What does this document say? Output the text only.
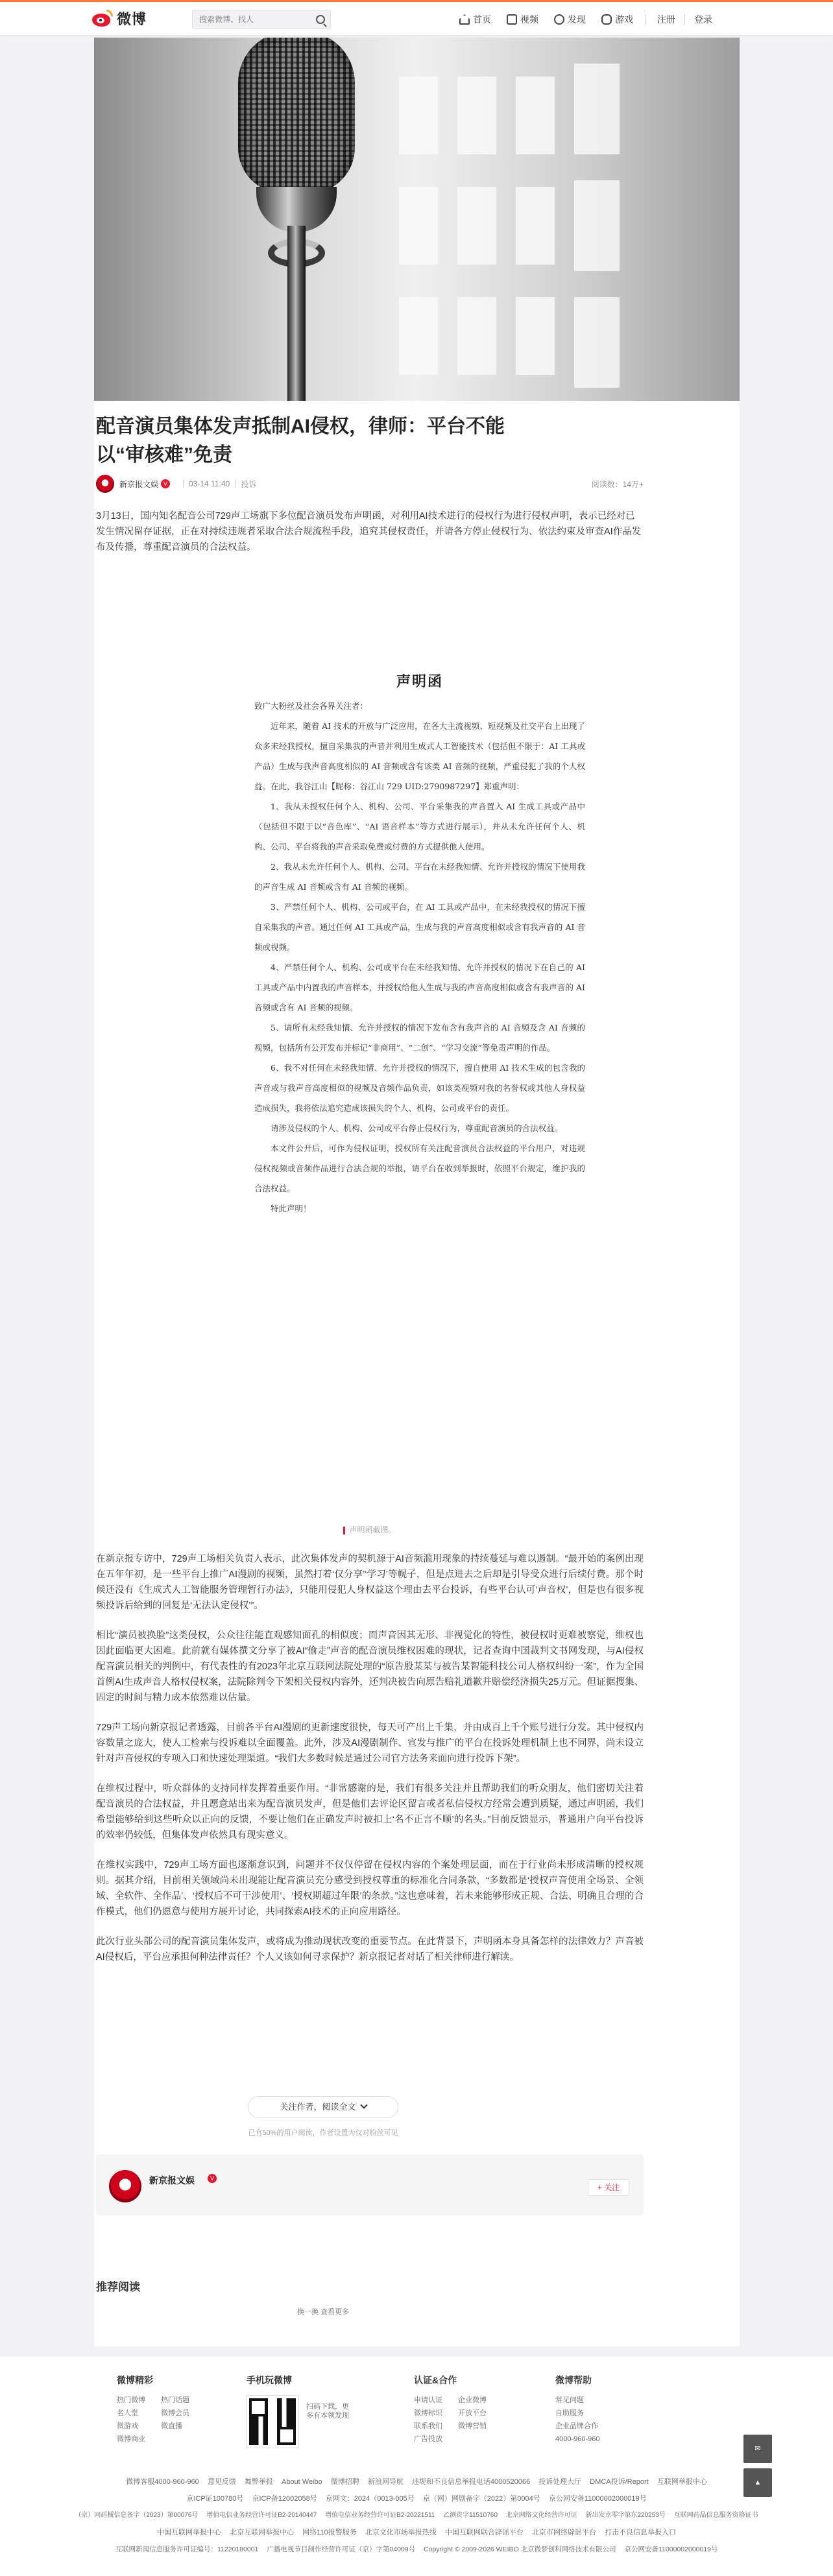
微博
搜索微博、找人	首页	视频	发现	游戏	注册 登录
配音演员集体发声抵制AI侵权，律师：平台不能以“审核难”免责
新京报文娱 V	03-14 11:40 投诉	阅读数：14万+

3月13日，国内知名配音公司729声工场旗下多位配音演员发布声明函，对利用AI技术进行的侵权行为进行侵权声明，表示已经对已发生情况留存证据，正在对持续违规者采取合法合规流程手段，追究其侵权责任，并请各方停止侵权行为、依法约束及审查AI作品发布及传播，尊重配音演员的合法权益。

声明函

致广大粉丝及社会各界关注者：

近年来，随着 AI 技术的开放与广泛应用，在各大主流视频、短视频及社交平台上出现了众多未经我授权，擅自采集我的声音并利用生成式人工智能技术（包括但不限于：AI 工具或产品）生成与我声音高度相似的 AI 音频或含有该类 AI 音频的视频，严重侵犯了我的个人权益。在此，我谷江山【昵称：谷江山 729 UID:2790987297】郑重声明：

1、我从未授权任何个人、机构、公司、平台采集我的声音置入 AI 生成工具或产品中（包括但不限于以“音色库”、“AI 语音样本”等方式进行展示），并从未允许任何个人、机构、公司、平台将我的声音采取免费或付费的方式提供他人使用。

2、我从未允许任何个人、机构、公司、平台在未经我知情、允许并授权的情况下使用我的声音生成 AI 音频或含有 AI 音频的视频。

3、严禁任何个人、机构、公司或平台，在 AI 工具或产品中，在未经我授权的情况下擅自采集我的声音。通过任何 AI 工具或产品，生成与我的声音高度相似或含有我声音的 AI 音频或视频。

4、严禁任何个人、机构、公司或平台在未经我知情、允许并授权的情况下在自己的 AI 工具或产品中内置我的声音样本，并授权给他人生成与我的声音高度相似或含有我声音的 AI 音频或含有 AI 音频的视频。

5、请所有未经我知情、允许并授权的情况下发布含有我声音的 AI 音频及含 AI 音频的视频，包括所有公开发布并标记“非商用”、“二创”、“学习交流”等免责声明的作品。

6、我不对任何在未经我知情、允许并授权的情况下，擅自使用 AI 技术生成的包含我的声音或与我声音高度相似的视频及音频作品负责，如该类视频对我的名誉权或其他人身权益造成损失，我将依法追究造成该损失的个人、机构、公司或平台的责任。

请涉及侵权的个人、机构、公司或平台停止侵权行为，尊重配音演员的合法权益。

本文件公开后，可作为侵权证明，授权所有关注配音演员合法权益的平台用户，对违规侵权视频或音频作品进行合法合规的举报，请平台在收到举报时，依照平台规定，维护我的合法权益。

特此声明！

声明函截图。

在新京报专访中，729声工场相关负责人表示，此次集体发声的契机源于AI音频滥用现象的持续蔓延与难以遏制。“最开始的案例出现在五年年初，是一些平台上推广AI漫剧的视频，虽然打着‘仅分享’‘学习’等幌子，但是点进去之后却是引导受众进行后续付费。那个时候还没有《生成式人工智能服务管理暂行办法》，只能用侵犯人身权益这个理由去平台投诉，有些平台认可‘声音权’，但是也有很多视频投诉后给到的回复是‘无法认定侵权’”。

相比“演员被换脸”这类侵权，公众往往能直观感知面孔的相似度；而声音因其无形、非视觉化的特性，被侵权时更难被察觉，维权也因此面临更大困难。此前就有媒体撰文分享了被AI“偷走”声音的配音演员维权困难的现状，记者查询中国裁判文书网发现，与AI侵权配音演员相关的判例中，有代表性的有2023年北京互联网法院处理的“原告殷某某与被告某智能科技公司人格权纠纷一案”，作为全国首例AI生成声音人格权侵权案，法院除判令下架相关侵权内容外，还判决被告向原告赔礼道歉并赔偿经济损失25万元。但证据搜集、固定的时间与精力成本依然难以估量。

729声工场向新京报记者透露，目前各平台AI漫剧的更新速度很快，每天可产出上千集，并由成百上千个账号进行分发。其中侵权内容数量之庞大，使人工检索与投诉难以全面覆盖。此外，涉及AI漫剧制作、宣发与推广的平台在投诉处理机制上也不同界，尚未设立针对声音侵权的专项入口和快速处理渠道。“我们大多数时候是通过公司官方法务来面向进行投诉下架”。

在维权过程中，听众群体的支持同样发挥着重要作用。“非常感谢的是，我们有很多关注并且帮助我们的听众朋友，他们密切关注着配音演员的合法权益，并且愿意站出来为配音演员发声，但是他们去评论区留言或者私信侵权方经常会遭到质疑，通过声明函，我们希望能够给到这些听众以正向的反馈，不要让他们在正确发声时被扣上‘名不正言不顺’的名头。”目前反馈显示，普通用户向平台投诉的效率仍较低，但集体发声依然具有现实意义。

在维权实践中，729声工场方面也逐渐意识到，问题并不仅仅停留在侵权内容的个案处理层面，而在于行业尚未形成清晰的授权规则。据其介绍，目前相关领域尚未出现能让配音演员充分感受到授权尊重的标准化合同条款，“多数都是‘授权声音使用全场景、全领域、全软件、全作品’、‘授权后不可干涉使用’、‘授权期超过年限’的条款。”这也意味着，若未来能够形成正规、合法、明确且合理的合作模式，他们仍愿意与使用方展开讨论，共同探索AI技术的正向应用路径。

此次行业头部公司的配音演员集体发声，或将成为推动现状改变的重要节点。在此背景下，声明函本身具备怎样的法律效力？声音被AI侵权后，平台应承担何种法律责任？个人又该如何寻求保护？新京报记者对话了相关律师进行解读。

关注作者，阅读全文
已有50%的用户阅读，作者设置为仅对粉丝可见
新京报文娱	V
+ 关注
推荐阅读
换一换 查看更多
微博精彩
热门微博	热门话题
名人堂	微博会员
微游戏	微直播
微博商业
手机玩微博
扫码下载，更多有本领发现
认证&合作
申请认证	企业微博
微博标识	开放平台
联系我们	微博营销
广告投放
微博帮助
常见问题
自助服务
企业品牌合作
4000-960-960
微博客服4000-960-960 意见反馈 舞弊举报 About Weibo 微博招聘 新浪网导航 违规和不良信息举报电话4000520066 投诉处理大厅 DMCA投诉/Report 互联网举报中心
京ICP证100780号 京ICP备12002058号 京网文：2024（0013-005号 京（网）网剧备字（2022）第0004号 京公网安备11000002000019号
（京）网药械信息备字（2023）第00076号 增值电信业务经营许可证B2-20140447 增值电信业务经营许可证B2-20221511 乙测资字11510760 北京网络文化经营许可证 新出发京零字第东220253号 互联网药品信息服务资格证书
中国互联网举报中心 北京互联网举报中心 网络110报警服务 北京文化市场举报热线 中国互联网联合辟谣平台 北京市网络辟谣平台 打击不良信息举报入口
互联网新闻信息服务许可证编号：11220180001 广播电视节目制作经营许可证（京）字第04009号 Copyright © 2009-2026 WEIBO 北京微梦创科网络技术有限公司 京公网安备11000002000019号
✉
▲
